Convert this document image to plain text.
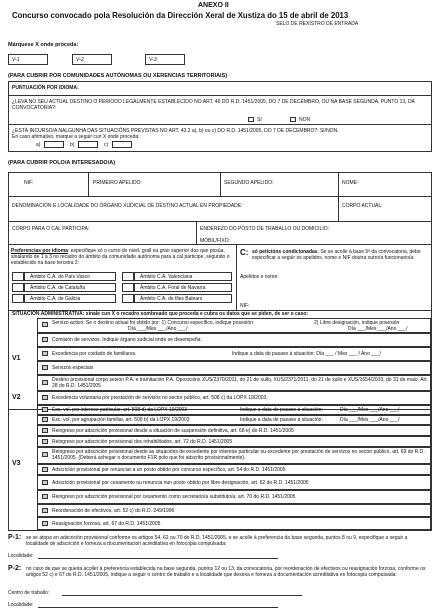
ANEXO II
Concurso convocado pola Resolución da Dirección Xeral de Xustiza do 15 de abril de 2013
SELO DE REXISTRO DE ENTRADA
Márquese X onde proceda:
V-1	V-2	V-3
(PARA CUBRIR POR COMUNIDADES AUTÓNOMAS OU XERENCIAS TERRITORIAIS)
PUNTUACIÓN POR IDIOMA:
¿LEVA NO SEU ACTUAL DESTINO O PERÍODO LEGALMENTE ESTABLECIDO NO ART. 46 DO R.D. 1451/2005, DO 7 DE DECEMBRO, OU NA BASE SEGUNDA, PUNTO 13, DA CONVOCATORIA?:
SI	NON
¿ESTÁ INCURSO/A NALGUNHA DAS SITUACIÓNS PREVISTAS NO ART. 43.2 a), b) ou c) DO R.D. 1451/2005, DO 7 DE DECEMBRO?: SI/NON.
En caso afirmativo, marque a seguir cun X onde proceda:
a)	b)	c)
(PARA CUBRIR POLO/A INTERESADO/A)
NIF:	PRIMEIRO APELIDO:	SEGUNDO APELIDO:	NOME:
DENOMINACIÓN E LOCALIDADE DO ÓRGANO XUDICIAL DE DESTINO ACTUAL EN PROPIEDADE:	CORPO ACTUAL:
CORPO PARA O CAL PARTICIPA:	ENDEREZO DO POSTO DE TRABALLO OU DOMICILIO:
MÓBIL/FIXO:
Preferencias por idioma: especifique só o curso do nivel, grall ou grao superior dos que posúa, sinalando de 1 a 3 no recadro do ámbito da comunidade autónoma para a cal participe, segundo o establecido na base terceira 2:
Ámbito C.A. do País Vasco	Ámbito C.A. Valenciana
Ámbito C.A. de Cataluña	Ámbito C.A. Foral de Navarra
Ámbito C.A. de Galicia	Ámbito C.A. de Illes Balears
C: só peticións condicionadas. Se se acolle á base 5ª da convocatoria, debe especificar a seguir os apelidos, nome e NIF doutra outro/a funcionario/a:
Apelidos e nome:
NIF:
SITUACIÓN ADMINISTRATIVA: sinale cun X o recadro sombreado que proceda e cubra os datos que se piden, de ser o caso:
V1
Servizo activo. Se o destino actual foi obtido por: 1) Concurso específico, indique posesión:
Día ___/Mes ___/Ano ___/
2) Libre designación, indique posesión
Día ___/Mes ___/Ano ___/
Comisión de servizos. Indique órgano xudicial onde se desempeña:
Excedencia por coidado de familiares.	Indique a data de pasaxe á situación: Día ___ / Mes ___ / Ano ___/
Servizos especiais
Destino provisional corpo sesión P.A. e tramitación P.A. Oposicións XUS/2370/2011, do 21 de xullo, XUS/2371/2011, do 21 de xullo e XUS/1654/2010, do 31 de maio. Art. 28 do R.D. 1451/2005
V2	Excedencia voluntaria por prestación de servizos no sector público, art. 508 c) da LOPX 19/2003.
V3
Exc. vol. por interese particular, art. 508 d) da LOPX 19/2003	Indique a data de pasaxe á situación:	Día ___/Mes ___/Ano ___/
Exc. vol. por agrupación familiar, art. 508 b) da LOPX 19/2003	Indique a data de pasaxe á situación:	Día ___/Mes ___/Ano ___/
Reingreso por adscrición provisional desde a situación de suspensión definitiva, art. 68 e) do R.D. 1451/2005
Reingreso por adscrición provisional dos rehabilitados, art. 72 do R.D. 1451/2005
Reingreso por adscrición provisional desde as situacións de excedente por interese particular ou excedente por prestación de servizos no sector público, art. 69 do R.D. 1451/2005. (Deberá achegar o documento F1R polo que foi adscrito provisionalmente).
Adscrición provisional por renunciar a un posto obtido por concurso específico, art. 54 do R.D. 1451/2005
Adscrición provisional por cesamento ou renuncia nun posto obtido por libre designación, art. 62 do R.D. 1451/2005
Reingreso por adscrición provisional por cesamento como secretario/a substituto/a, art. 70 do R.D. 1451/2005
Reordenación de efectivos, art. 52 c) do R.D. 249/1996
Reasignación forzosa, art. 67 do R.D. 1451/2005
P-1: se se atopa en adscrición provisional conforme os artigos 54, 62 ou 70 do R.D. 1451/2005, e se acolle á preferencia da base segunda, puntos 8 ou 9, especifique a seguir a localidade de adscrición e forneza a documentación acreditativa en fotocopia compulsada:
Localidade:
P-2: no caso de que se queira acoller á preferencia establecida na base segunda, puntos 12 ou 13, da convocatoria, por reordenación de efectivos ou reasignación forzosa, conforme os artigos 52 c) e 67 do R.D. 1451/2005, indique a seguir o centro de traballo e a localidade que desexa e forneza a documentación acreditativa en fotocopia compulsada:
Centro de traballo:
Localidade:
